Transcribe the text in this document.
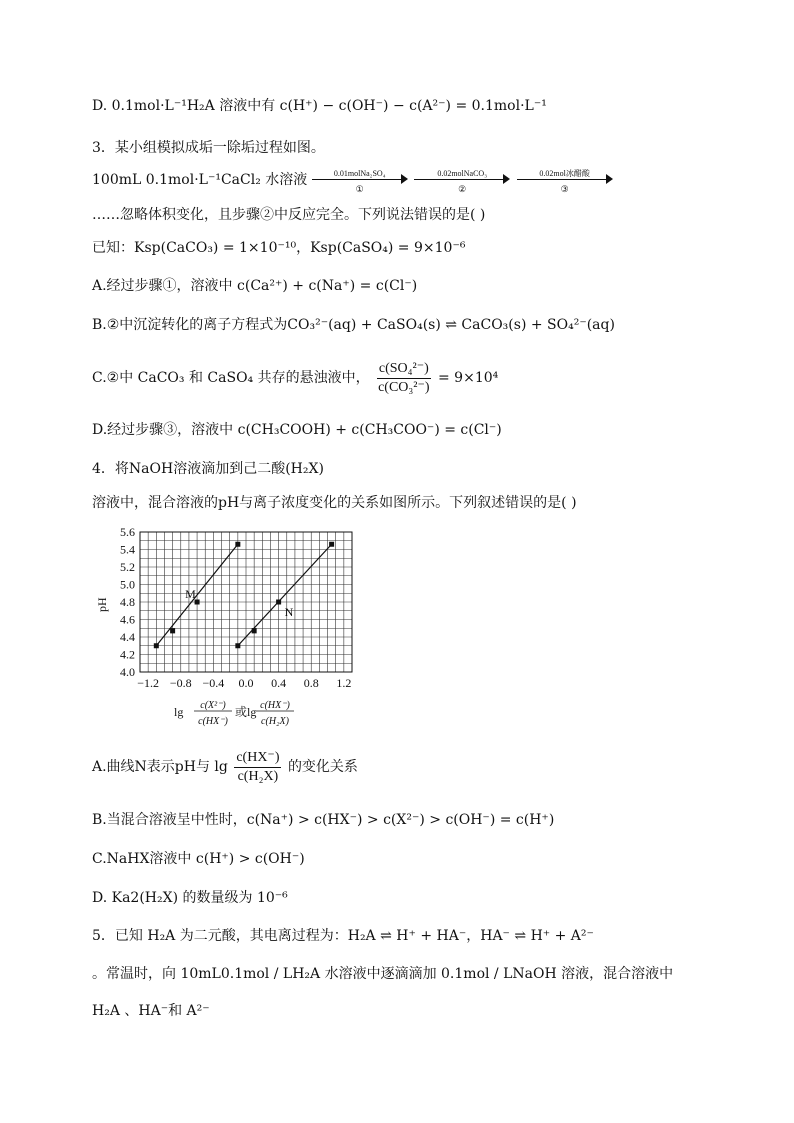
D. 0.1mol·L⁻¹H₂A 溶液中有 c(H⁺) − c(OH⁻) − c(A²⁻) = 0.1mol·L⁻¹
3．某小组模拟成垢一除垢过程如图。
100mL 0.1mol·L⁻¹CaCl₂ 水溶液	0.01molNa₂SO₄
①

0.02molNaCO₃
②

0.02mol冰醋酸
③
……忽略体积变化，且步骤②中反应完全。下列说法错误的是( )
已知：Ksp(CaCO₃) = 1×10⁻¹⁰，Ksp(CaSO₄) = 9×10⁻⁶
A.经过步骤①，溶液中 c(Ca²⁺) + c(Na⁺) = c(Cl⁻)
B.②中沉淀转化的离子方程式为CO₃²⁻(aq) + CaSO₄(s) ⇌ CaCO₃(s) + SO₄²⁻(aq)
C.②中 CaCO₃ 和 CaSO₄ 共存的悬浊液中， $\frac{\text{c(SO₄²⁻)}}{\text{c(CO₃²⁻)}} = 9\times 10^4$
D.经过步骤③，溶液中 c(CH₃COOH) + c(CH₃COO⁻) = c(Cl⁻)
4．将NaOH溶液滴加到己二酸(H₂X)
溶液中，混合溶液的pH与离子浓度变化的关系如图所示。下列叙述错误的是( )
4.0
4.2
4.4
4.6
4.8
5.0
5.2
5.4
5.6
−1.2 −0.8 −0.4 0.0 0.4 0.8 1.2
M
N
pH
lg c(X²⁻)
c(HX⁻)
或lg c(HX⁻)
c(H₂X)
A.曲线N表示pH与 $\lg \frac{c(HX^-)}{\text{c(H₂X)}}$ 的变化关系
B.当混合溶液呈中性时，c(Na⁺) > c(HX⁻) > c(X²⁻) > c(OH⁻) = c(H⁺)
C.NaHX溶液中 c(H⁺) > c(OH⁻)
D. Ka2(H₂X) 的数量级为 10⁻⁶
5．已知 H₂A 为二元酸，其电离过程为：H₂A ⇌ H⁺ + HA⁻，HA⁻ ⇌ H⁺ + A²⁻
。常温时，向 10mL0.1mol / LH₂A 水溶液中逐滴滴加 0.1mol / LNaOH 溶液，混合溶液中
H₂A 、HA⁻和 A²⁻
